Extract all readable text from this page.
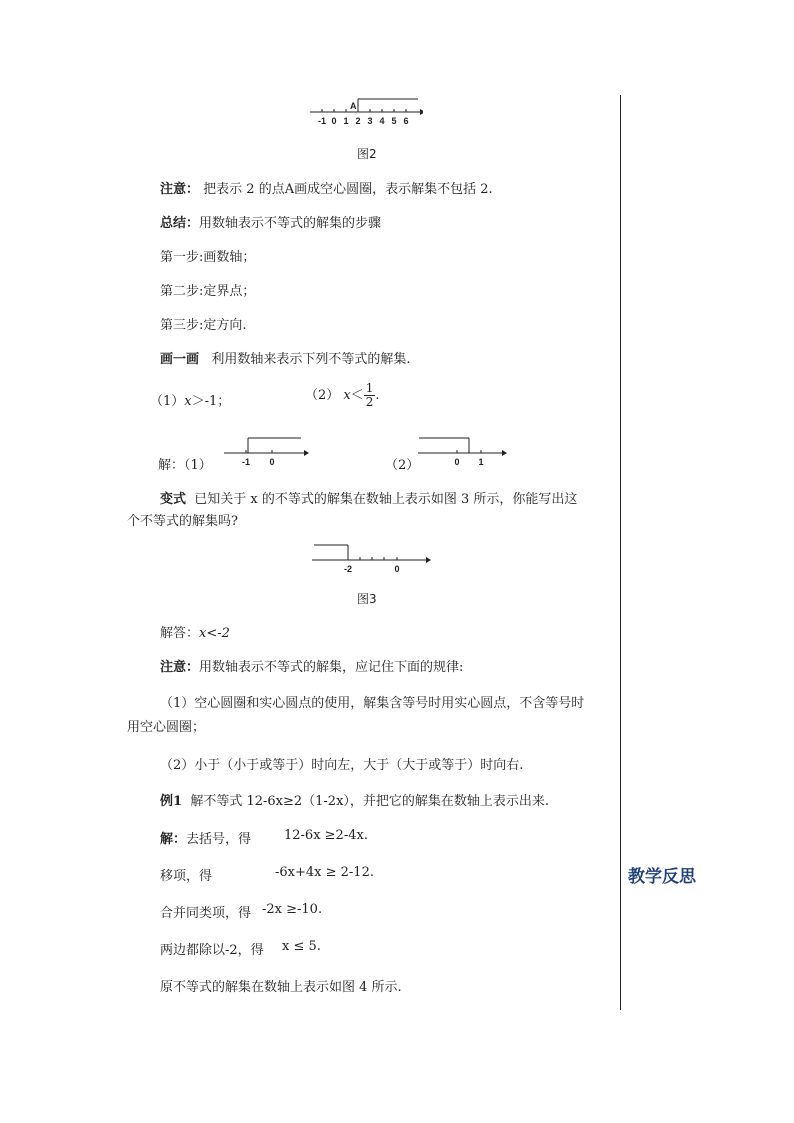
-1 0 1 2 3 4 5 6
A
图2
注意： 把表示 2 的点A画成空心圆圈，表示解集不包括 2.
总结：用数轴表示不等式的解集的步骤
第一步:画数轴；
第二步:定界点；
第三步:定方向.
画一画 利用数轴来表示下列不等式的解集.
（1）x＞-1；	（2） $x< \frac{1}{2}$ .
解：（1）	-1 0	（2）	0 1
变式 已知关于 x 的不等式的解集在数轴上表示如图 3 所示，你能写出这
个不等式的解集吗?
-2	0
图3
解答：x<-2
注意：用数轴表示不等式的解集，应记住下面的规律:
（1）空心圆圈和实心圆点的使用，解集含等号时用实心圆点，不含等号时
用空心圆圈；
（2）小于（小于或等于）时向左，大于（大于或等于）时向右.
例1 解不等式 12-6x≥2（1-2x），并把它的解集在数轴上表示出来.
解：去括号，得	12-6x ≥2-4x.
移项，得	-6x+4x ≥ 2-12.
合并同类项，得 -2x ≥-10.
两边都除以-2，得 x ≤ 5.
原不等式的解集在数轴上表示如图 4 所示.
教学反思
